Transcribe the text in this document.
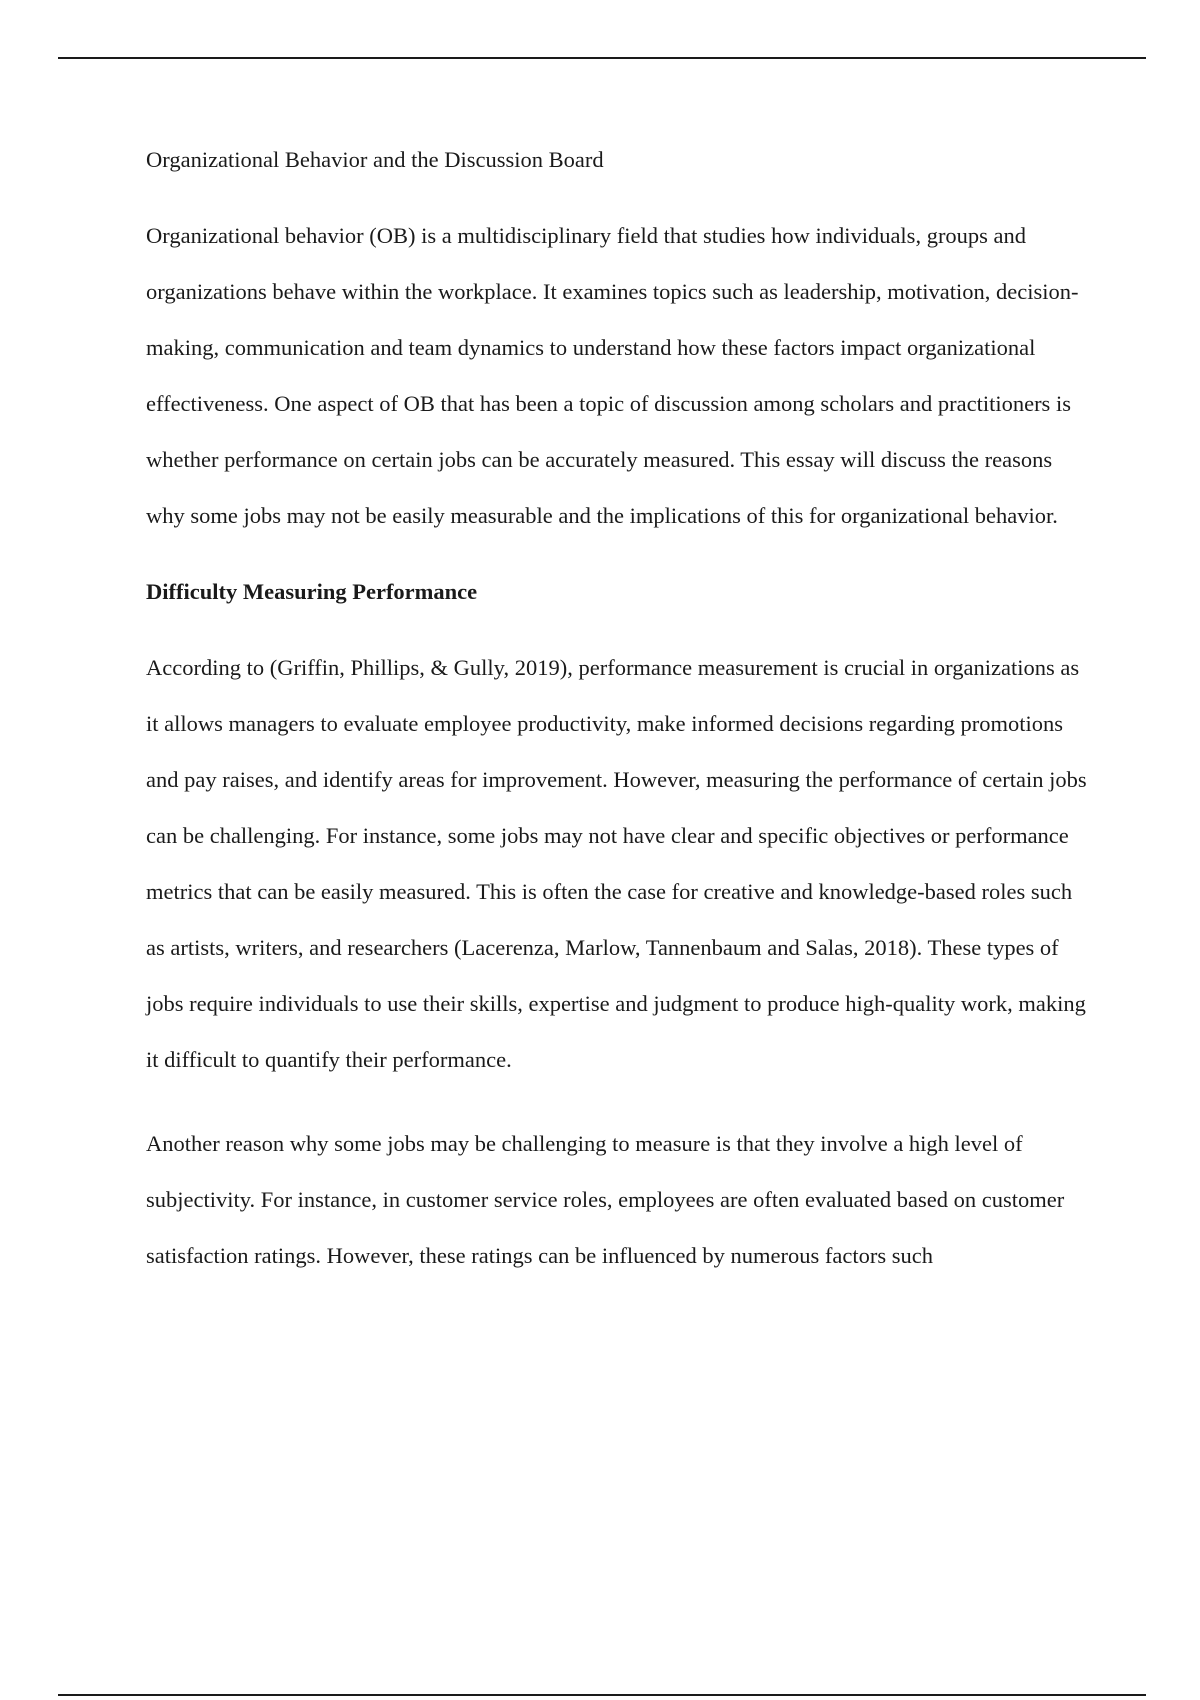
Organizational Behavior and the Discussion Board

Organizational behavior (OB) is a multidisciplinary field that studies how individuals, groups and organizations behave within the workplace. It examines topics such as leadership, motivation, decision-making, communication and team dynamics to understand how these factors impact organizational effectiveness. One aspect of OB that has been a topic of discussion among scholars and practitioners is whether performance on certain jobs can be accurately measured. This essay will discuss the reasons why some jobs may not be easily measurable and the implications of this for organizational behavior.

Difficulty Measuring Performance

According to (Griffin, Phillips, & Gully, 2019), performance measurement is crucial in organizations as it allows managers to evaluate employee productivity, make informed decisions regarding promotions and pay raises, and identify areas for improvement. However, measuring the performance of certain jobs can be challenging. For instance, some jobs may not have clear and specific objectives or performance metrics that can be easily measured. This is often the case for creative and knowledge-based roles such as artists, writers, and researchers (Lacerenza, Marlow, Tannenbaum and Salas, 2018). These types of jobs require individuals to use their skills, expertise and judgment to produce high-quality work, making it difficult to quantify their performance.

Another reason why some jobs may be challenging to measure is that they involve a high level of subjectivity. For instance, in customer service roles, employees are often evaluated based on customer satisfaction ratings. However, these ratings can be influenced by numerous factors such
